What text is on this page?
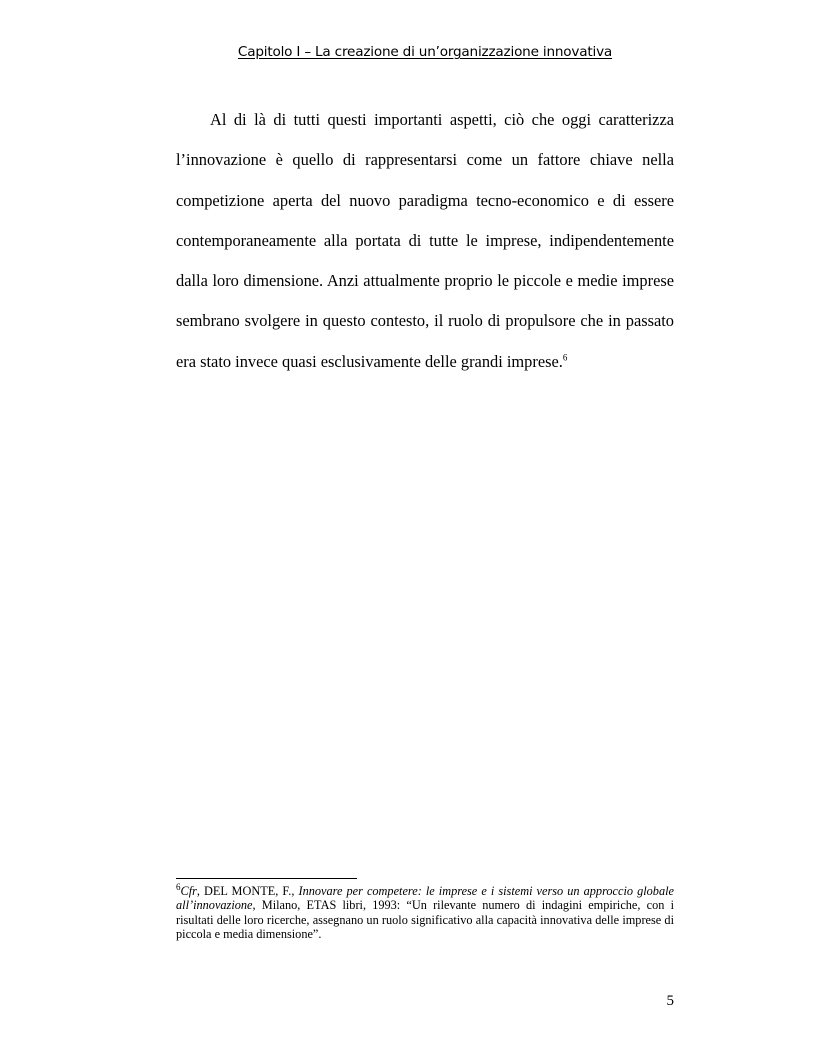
Capitolo I – La creazione di un’organizzazione innovativa

Al di là di tutti questi importanti aspetti, ciò che oggi caratterizza l’innovazione è quello di rappresentarsi come un fattore chiave nella competizione aperta del nuovo paradigma tecno-economico e di essere contemporaneamente alla portata di tutte le imprese, indipendentemente dalla loro dimensione. Anzi attualmente proprio le piccole e medie imprese sembrano svolgere in questo contesto, il ruolo di propulsore che in passato era stato invece quasi esclusivamente delle grandi imprese.$^6$

$^6$Cfr, DEL MONTE, F., Innovare per competere: le imprese e i sistemi verso un approccio globale all’innovazione, Milano, ETAS libri, 1993: “Un rilevante numero di indagini empiriche, con i risultati delle loro ricerche, assegnano un ruolo significativo alla capacità innovativa delle imprese di piccola e media dimensione”.

5
